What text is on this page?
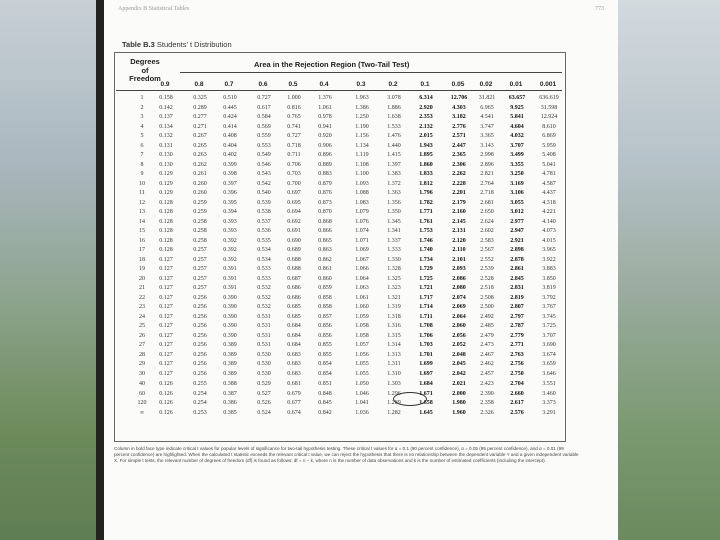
Appendix B Statistical Tables	773
Table B.3 Students’ t Distribution
Degrees
of
Freedom
Area in the Rejection Region (Two-Tail Test)
0.9	0.8	0.7	0.6	0.5	0.4	0.3	0.2	0.1	0.05	0.02	0.01	0.001
1	0.158	0.325	0.510	0.727	1.000	1.376	1.963	3.078	6.314	12.706	31.821	63.657	636.619
2	0.142	0.289	0.445	0.617	0.816	1.061	1.386	1.886	2.920	4.303	6.965	9.925	31.598
3	0.137	0.277	0.424	0.584	0.765	0.978	1.250	1.638	2.353	3.182	4.541	5.841	12.924
4	0.134	0.271	0.414	0.569	0.741	0.941	1.190	1.533	2.132	2.776	3.747	4.604	8.610
5	0.132	0.267	0.408	0.559	0.727	0.920	1.156	1.476	2.015	2.571	3.365	4.032	6.869
6	0.131	0.265	0.404	0.553	0.718	0.906	1.134	1.440	1.943	2.447	3.143	3.707	5.959
7	0.130	0.263	0.402	0.549	0.711	0.896	1.119	1.415	1.895	2.365	2.998	3.499	5.408
8	0.130	0.262	0.399	0.546	0.706	0.889	1.108	1.397	1.860	2.306	2.896	3.355	5.041
9	0.129	0.261	0.398	0.543	0.703	0.883	1.100	1.383	1.833	2.262	2.821	3.250	4.781
10	0.129	0.260	0.397	0.542	0.700	0.879	1.093	1.372	1.812	2.228	2.764	3.169	4.587
11	0.129	0.260	0.396	0.540	0.697	0.876	1.088	1.363	1.796	2.201	2.718	3.106	4.437
12	0.128	0.259	0.395	0.539	0.695	0.873	1.083	1.356	1.782	2.179	2.681	3.055	4.318
13	0.128	0.259	0.394	0.538	0.694	0.870	1.079	1.350	1.771	2.160	2.650	3.012	4.221
14	0.128	0.258	0.393	0.537	0.692	0.868	1.076	1.345	1.761	2.145	2.624	2.977	4.140
15	0.128	0.258	0.393	0.536	0.691	0.866	1.074	1.341	1.753	2.131	2.602	2.947	4.073
16	0.128	0.258	0.392	0.535	0.690	0.865	1.071	1.337	1.746	2.120	2.583	2.921	4.015
17	0.128	0.257	0.392	0.534	0.689	0.863	1.069	1.333	1.740	2.110	2.567	2.898	3.965
18	0.127	0.257	0.392	0.534	0.688	0.862	1.067	1.330	1.734	2.101	2.552	2.878	3.922
19	0.127	0.257	0.391	0.533	0.688	0.861	1.066	1.328	1.729	2.093	2.539	2.861	3.883
20	0.127	0.257	0.391	0.533	0.687	0.860	1.064	1.325	1.725	2.086	2.528	2.845	3.850
21	0.127	0.257	0.391	0.532	0.686	0.859	1.063	1.323	1.721	2.080	2.518	2.831	3.819
22	0.127	0.256	0.390	0.532	0.686	0.858	1.061	1.321	1.717	2.074	2.508	2.819	3.792
23	0.127	0.256	0.390	0.532	0.685	0.858	1.060	1.319	1.714	2.069	2.500	2.807	3.767
24	0.127	0.256	0.390	0.531	0.685	0.857	1.059	1.318	1.711	2.064	2.492	2.797	3.745
25	0.127	0.256	0.390	0.531	0.684	0.856	1.058	1.316	1.708	2.060	2.485	2.787	3.725
26	0.127	0.256	0.390	0.531	0.684	0.856	1.058	1.315	1.706	2.056	2.479	2.779	3.707
27	0.127	0.256	0.389	0.531	0.684	0.855	1.057	1.314	1.703	2.052	2.473	2.771	3.690
28	0.127	0.256	0.389	0.530	0.683	0.855	1.056	1.313	1.701	2.048	2.467	2.763	3.674
29	0.127	0.256	0.389	0.530	0.683	0.854	1.055	1.311	1.699	2.045	2.462	2.756	3.659
30	0.127	0.256	0.389	0.530	0.683	0.854	1.055	1.310	1.697	2.042	2.457	2.750	3.646
40	0.126	0.255	0.388	0.529	0.681	0.851	1.050	1.303	1.684	2.021	2.423	2.704	3.551
60	0.126	0.254	0.387	0.527	0.679	0.848	1.046	1.296	1.671	2.000	2.390	2.660	3.460
120	0.126	0.254	0.386	0.526	0.677	0.845	1.041	1.289	1.658	1.980	2.358	2.617	3.373
∞	0.126	0.253	0.385	0.524	0.674	0.842	1.036	1.282	1.645	1.960	2.326	2.576	3.291
Column in bold face type indicate critical t values for popular levels of significance for two-tail hypothesis testing. These critical t values for α = 0.1 (90 percent confidence), α = 0.05 (95 percent confidence), and α = 0.01 (99 percent confidence) are highlighted. When the calculated t statistic exceeds the relevant critical t value, we can reject the hypothesis that there is no relationship between the dependent variable Y and a given independent variable X. For simple t tests, the relevant number of degrees of freedom (df) is found as follows: df = n − k, where n is the number of data observations and k is the number of estimated coefficients (including the intercept).
